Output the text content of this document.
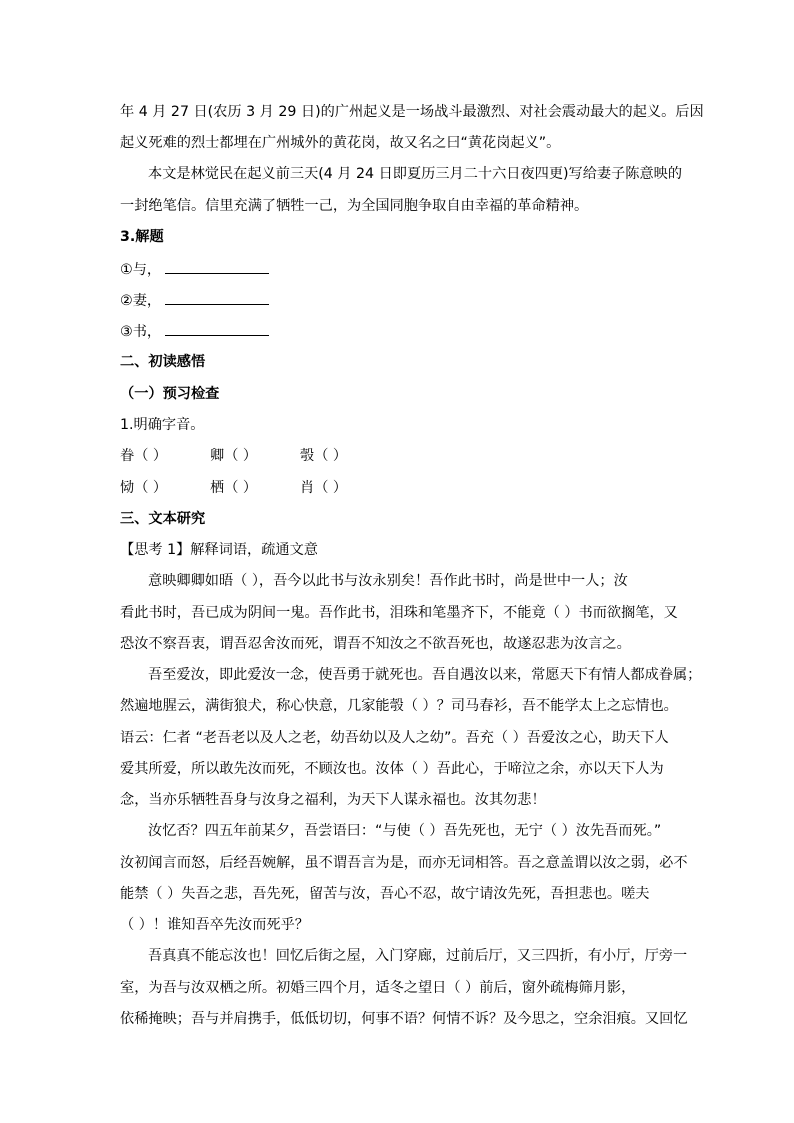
年 4 月 27 日(农历 3 月 29 日)的广州起义是一场战斗最激烈、对社会震动最大的起义。后因
起义死难的烈士都埋在广州城外的黄花岗，故又名之曰“黄花岗起义”。
本文是林觉民在起义前三天(4 月 24 日即夏历三月二十六日夜四更)写给妻子陈意映的
一封绝笔信。信里充满了牺牲一己，为全国同胞争取自由幸福的革命精神。
3.解题
①与，
②妻，
③书，
二、初读感悟
（一）预习检查
1.明确字音。
眷（ ）	卿（ ）	彀（ ）
恸（ ）	栖（ ）	肖（ ）
三、文本研究
【思考 1】解释词语，疏通文意
意映卿卿如晤（ ），吾今以此书与汝永别矣！吾作此书时，尚是世中一人；汝
看此书时，吾已成为阴间一鬼。吾作此书，泪珠和笔墨齐下，不能竟（ ）书而欲搁笔，又
恐汝不察吾衷，谓吾忍舍汝而死，谓吾不知汝之不欲吾死也，故遂忍悲为汝言之。
吾至爱汝，即此爱汝一念，使吾勇于就死也。吾自遇汝以来，常愿天下有情人都成眷属；
然遍地腥云，满街狼犬，称心快意，几家能彀（ ）？司马春衫，吾不能学太上之忘情也。
语云：仁者 “老吾老以及人之老，幼吾幼以及人之幼”。吾充（ ）吾爱汝之心，助天下人
爱其所爱，所以敢先汝而死，不顾汝也。汝体（ ）吾此心，于啼泣之余，亦以天下人为
念，当亦乐牺牲吾身与汝身之福利，为天下人谋永福也。汝其勿悲！
汝忆否？四五年前某夕，吾尝语曰：“与使（ ）吾先死也，无宁（ ）汝先吾而死。”
汝初闻言而怒，后经吾婉解，虽不谓吾言为是，而亦无词相答。吾之意盖谓以汝之弱，必不
能禁（ ）失吾之悲，吾先死，留苦与汝，吾心不忍，故宁请汝先死，吾担悲也。嗟夫
（ ）！谁知吾卒先汝而死乎？
吾真真不能忘汝也！回忆后街之屋，入门穿廊，过前后厅，又三四折，有小厅，厅旁一
室，为吾与汝双栖之所。初婚三四个月，适冬之望日（ ）前后，窗外疏梅筛月影，
依稀掩映；吾与并肩携手，低低切切，何事不语？何情不诉？及今思之，空余泪痕。又回忆
